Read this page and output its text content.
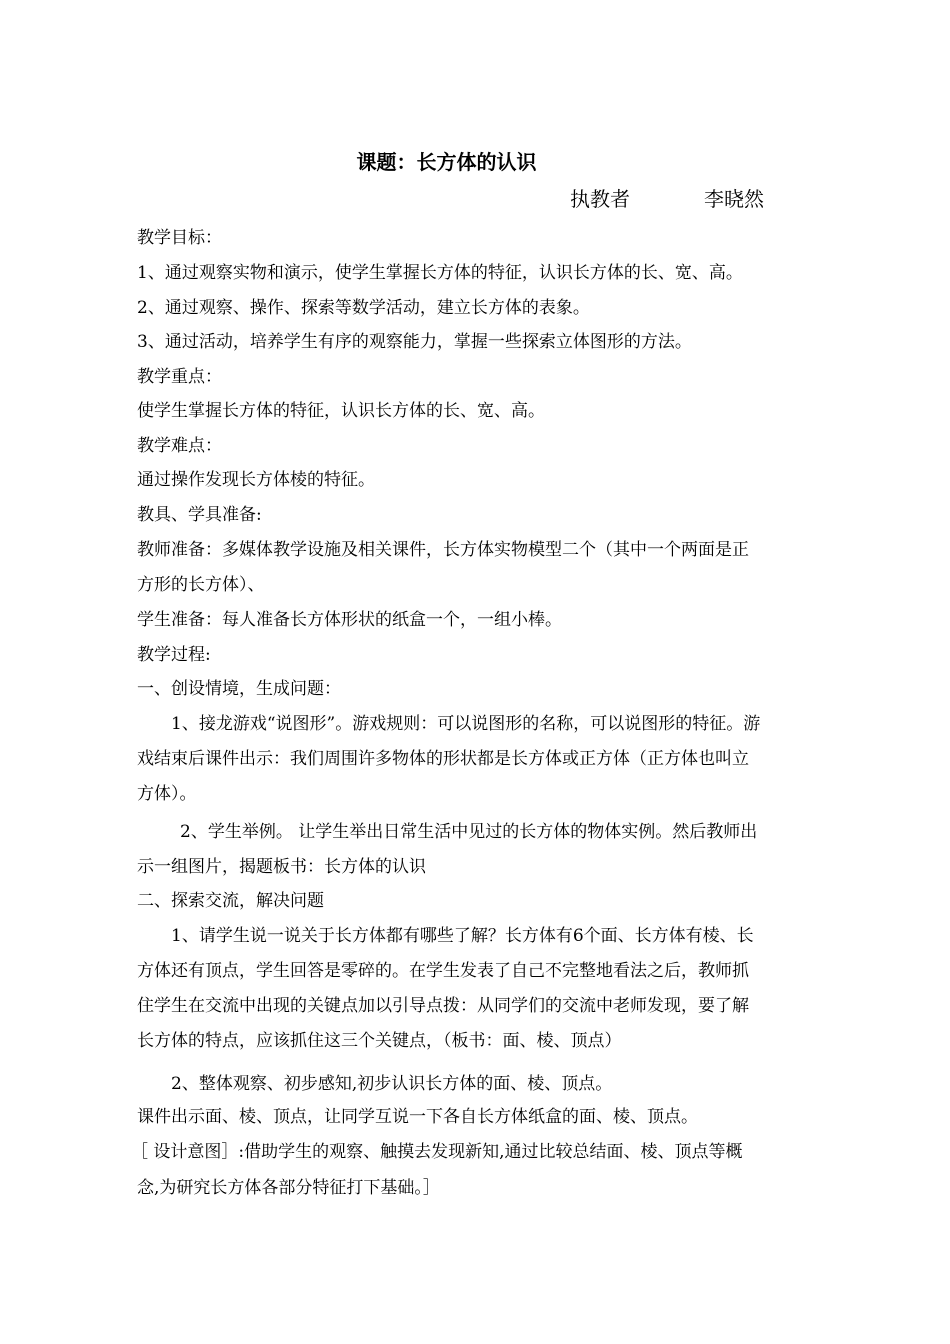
课题：长方体的认识
执教者	李晓然
教学目标：
1、通过观察实物和演示，使学生掌握长方体的特征，认识长方体的长、宽、高。
2、通过观察、操作、探索等数学活动，建立长方体的表象。
3、通过活动，培养学生有序的观察能力，掌握一些探索立体图形的方法。
教学重点：
使学生掌握长方体的特征，认识长方体的长、宽、高。
教学难点：
通过操作发现长方体棱的特征。
教具、学具准备:
教师准备：多媒体教学设施及相关课件，长方体实物模型二个（其中一个两面是正
方形的长方体）、
学生准备：每人准备长方体形状的纸盒一个，一组小棒。
教学过程:
一、创设情境，生成问题：
1、接龙游戏“说图形”。游戏规则：可以说图形的名称，可以说图形的特征。游
戏结束后课件出示：我们周围许多物体的形状都是长方体或正方体（正方体也叫立
方体）。
2、学生举例。 让学生举出日常生活中见过的长方体的物体实例。然后教师出
示一组图片，揭题板书：长方体的认识
二、探索交流，解决问题
1、请学生说一说关于长方体都有哪些了解？长方体有6个面、长方体有棱、长
方体还有顶点，学生回答是零碎的。在学生发表了自己不完整地看法之后，教师抓
住学生在交流中出现的关键点加以引导点拨：从同学们的交流中老师发现，要了解
长方体的特点，应该抓住这三个关键点，（板书：面、棱、顶点）
2、整体观察、初步感知,初步认识长方体的面、棱、顶点。
课件出示面、棱、顶点，让同学互说一下各自长方体纸盒的面、棱、顶点。
［ 设计意图］:借助学生的观察、触摸去发现新知,通过比较总结面、棱、顶点等概
念,为研究长方体各部分特征打下基础。］
